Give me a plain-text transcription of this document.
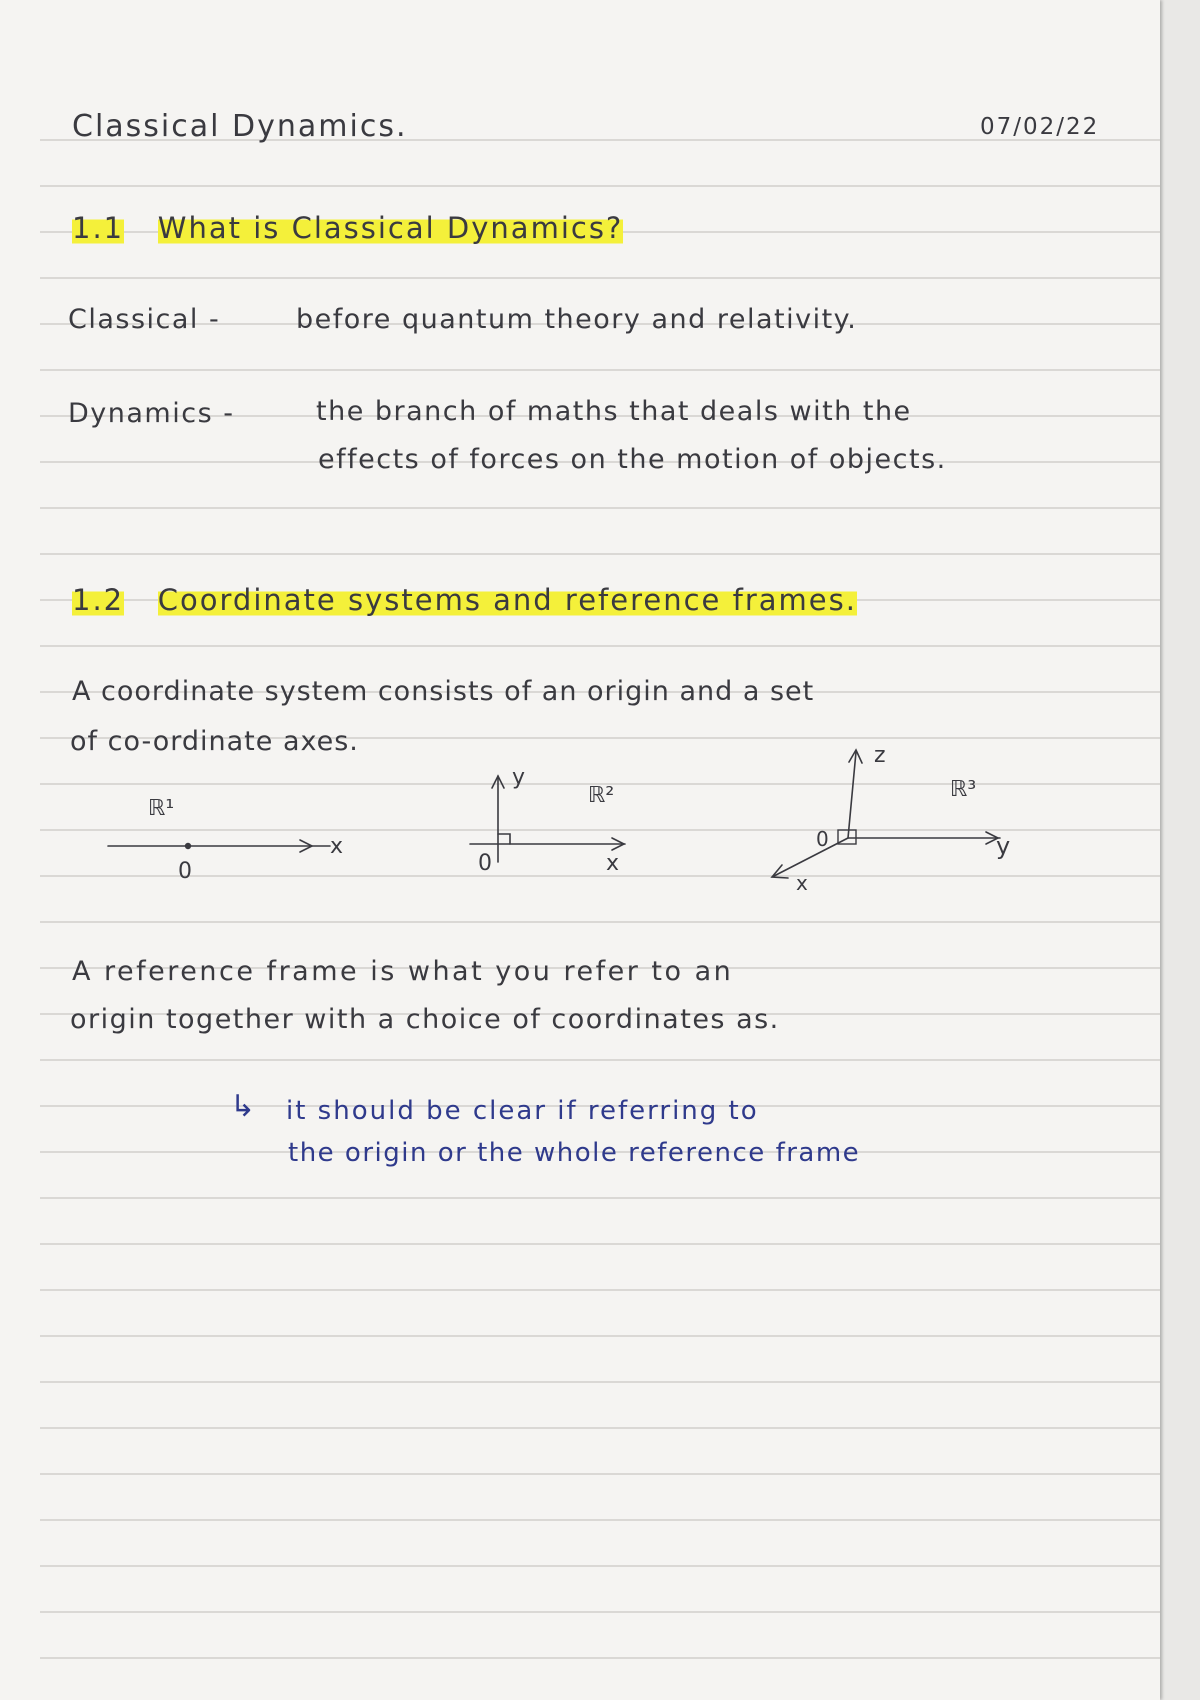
Classical Dynamics.	07/02/22

1.1 What is Classical Dynamics?

Classical -	before quantum theory and relativity.

Dynamics -	the branch of maths that deals with the

effects of forces on the motion of objects.

1.2 Coordinate systems and reference frames.

A coordinate system consists of an origin and a set

of co-ordinate axes.

ℝ¹
0
x
y
ℝ²
0	x
z
ℝ³
0	y
x

A reference frame is what you refer to an

origin together with a choice of coordinates as.

↳ it should be clear if referring to

the origin or the whole reference frame
